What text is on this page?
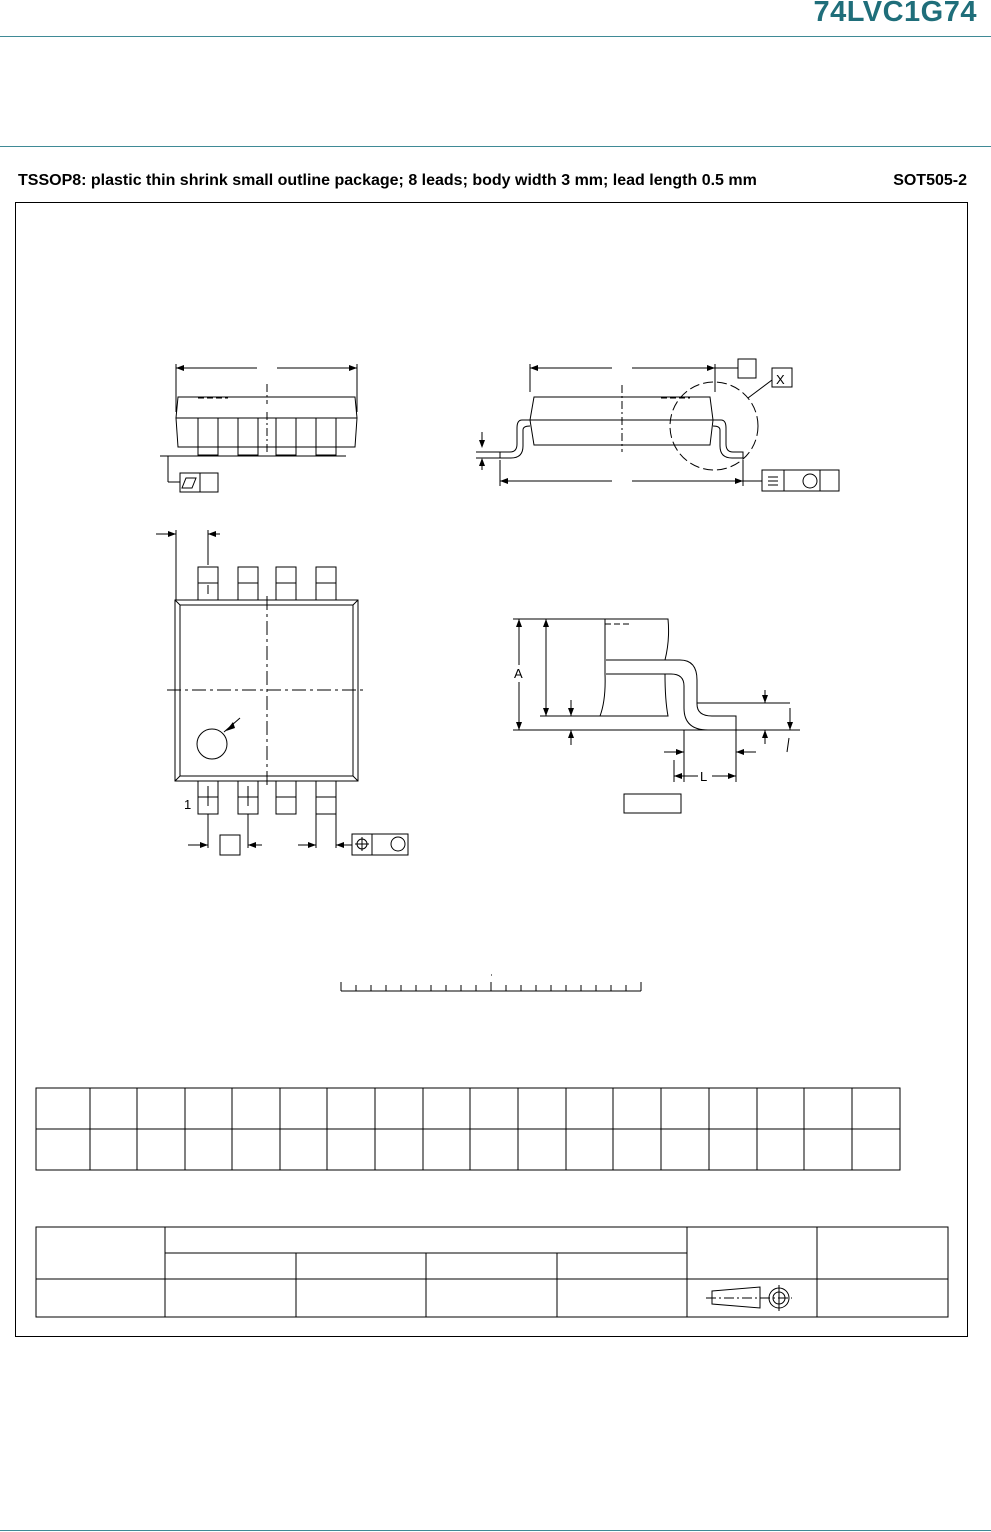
74LVC1G74
TSSOP8: plastic thin shrink small outline package; 8 leads; body width 3 mm; lead length 0.5 mm	SOT505-2
X
1
A
L
